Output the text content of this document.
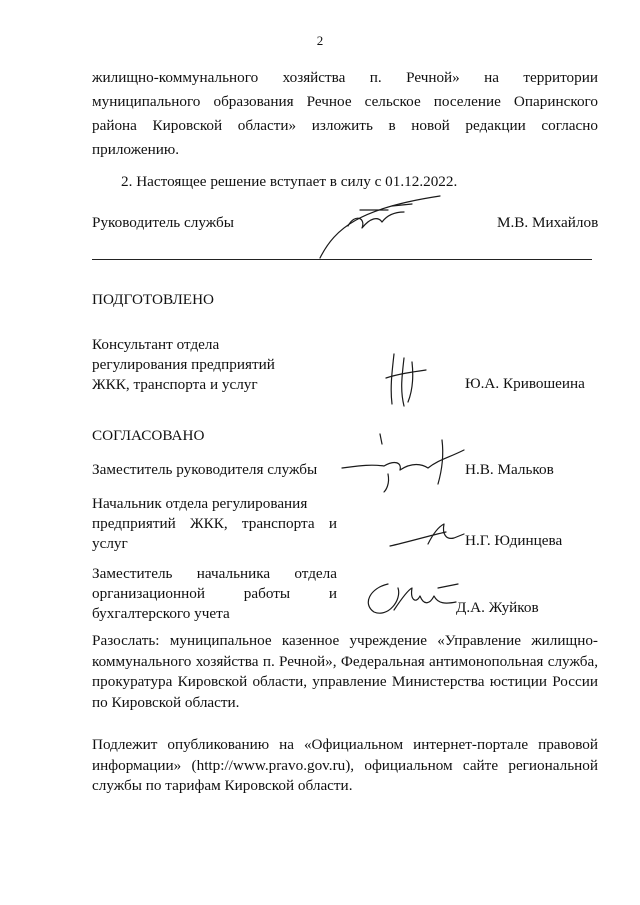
2
жилищно-коммунального хозяйства п. Речной» на территории
муниципального образования Речное сельское поселение Опаринского
района Кировской области» изложить в новой редакции согласно
приложению.
2. Настоящее решение вступает в силу с 01.12.2022.
Руководитель службы	М.В. Михайлов
ПОДГОТОВЛЕНО
Консультант отдела
регулирования предприятий
ЖКК, транспорта и услуг	Ю.А. Кривошеина
СОГЛАСОВАНО
Заместитель руководителя службы	Н.В. Мальков
Начальник отдела регулирования
предприятий ЖКК, транспорта и
услуг	Н.Г. Юдинцева
Заместитель начальника отдела
организационной работы и
бухгалтерского учета	Д.А. Жуйков
Разослать: муниципальное казенное учреждение «Управление жилищно-
коммунального хозяйства п. Речной», Федеральная антимонопольная служба,
прокуратура Кировской области, управление Министерства юстиции России
по Кировской области.
Подлежит опубликованию на «Официальном интернет-портале правовой
информации» (http://www.pravo.gov.ru), официальном сайте региональной
службы по тарифам Кировской области.
